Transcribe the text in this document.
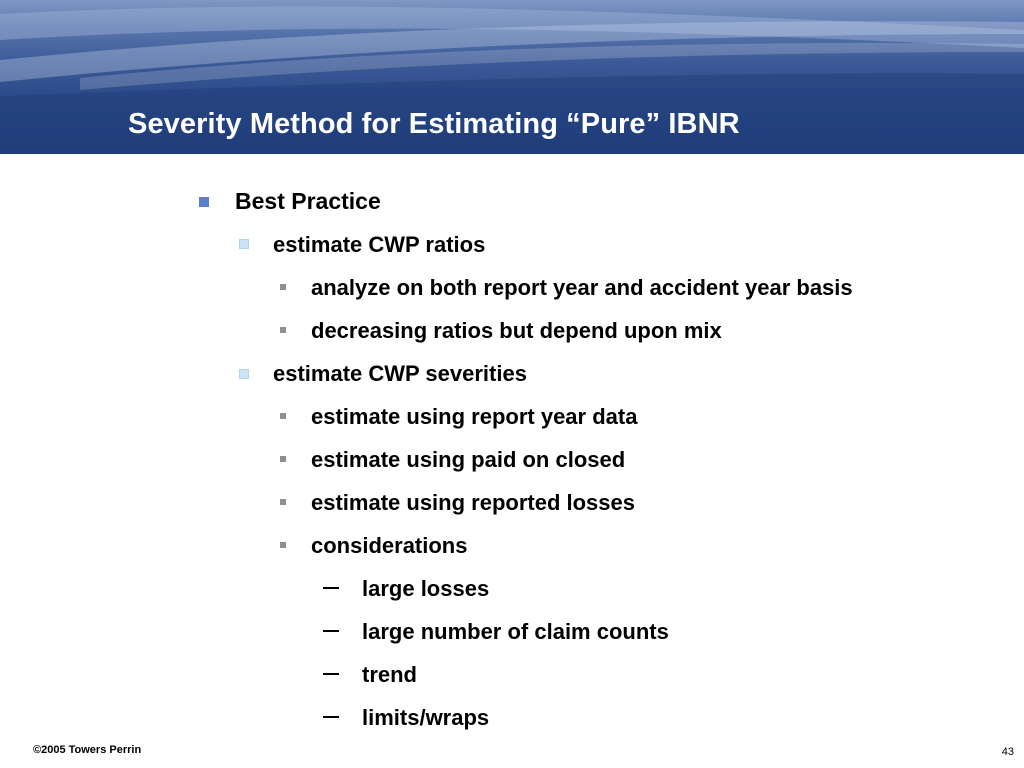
Severity Method for Estimating “Pure” IBNR
Best Practice
estimate CWP ratios
analyze on both report year and accident year basis
decreasing ratios but depend upon mix
estimate CWP severities
estimate using report year data
estimate using paid on closed
estimate using reported losses
considerations
large losses
large number of claim counts
trend
limits/wraps
©2005 Towers Perrin	43
